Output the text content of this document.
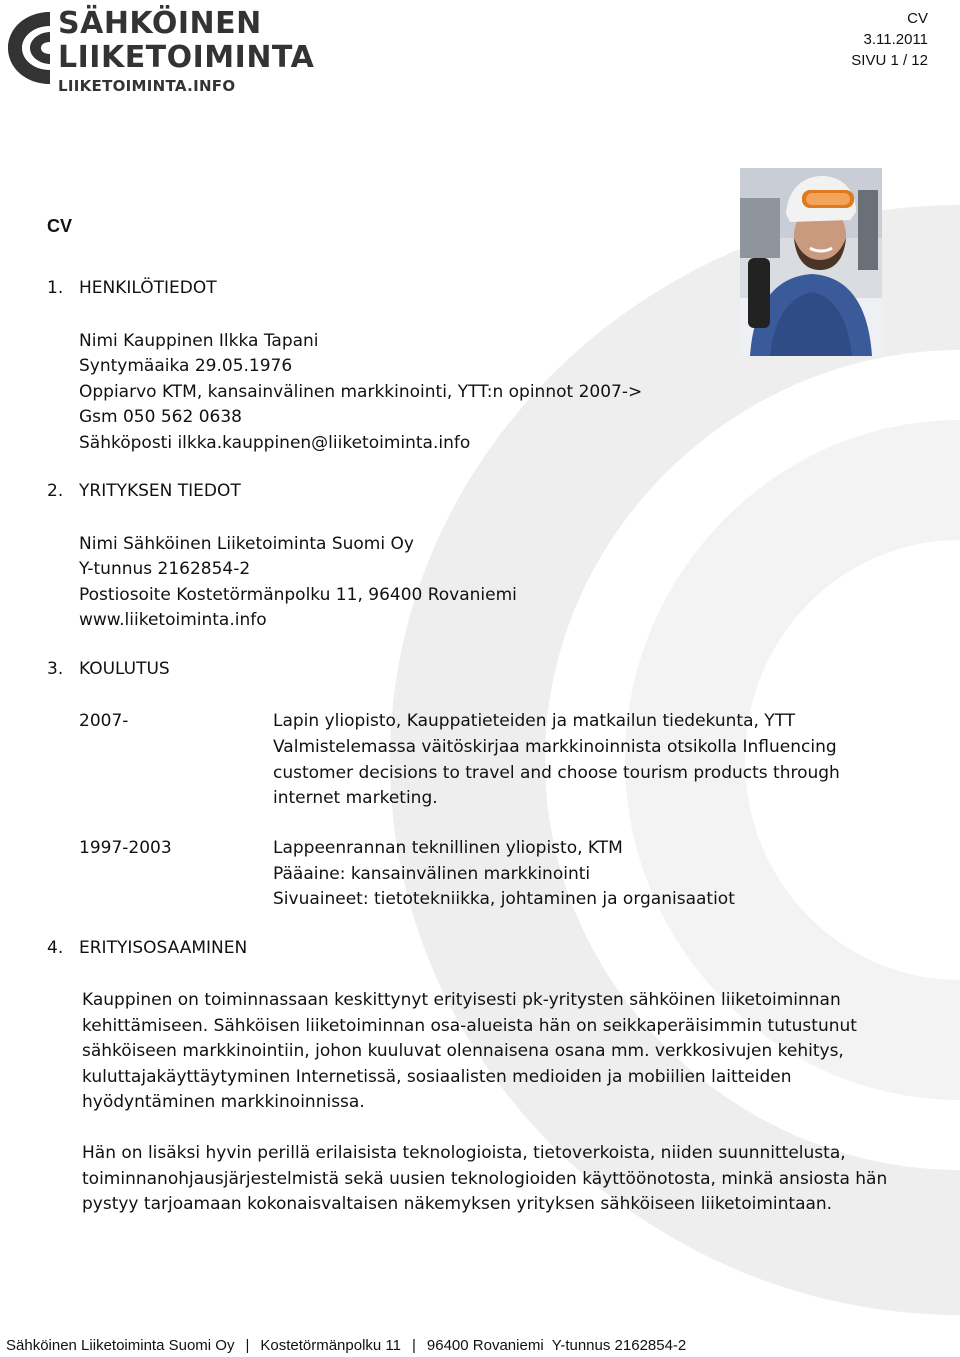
SÄHKÖINEN
LIIKETOIMINTA
LIIKETOIMINTA.INFO
CV
3.11.2011
SIVU 1 / 12
CV
1. HENKILÖTIEDOT
Nimi Kauppinen Ilkka Tapani
Syntymäaika 29.05.1976
Oppiarvo KTM, kansainvälinen markkinointi, YTT:n opinnot 2007->
Gsm 050 562 0638
Sähköposti ilkka.kauppinen@liiketoiminta.info
2. YRITYKSEN TIEDOT
Nimi Sähköinen Liiketoiminta Suomi Oy
Y-tunnus 2162854-2
Postiosoite Kostetörmänpolku 11, 96400 Rovaniemi
www.liiketoiminta.info
3. KOULUTUS
2007-	Lapin yliopisto, Kauppatieteiden ja matkailun tiedekunta, YTT
Valmistelemassa väitöskirjaa markkinoinnista otsikolla Influencing
customer decisions to travel and choose tourism products through
internet marketing.
1997-2003	Lappeenrannan teknillinen yliopisto, KTM
Pääaine: kansainvälinen markkinointi
Sivuaineet: tietotekniikka, johtaminen ja organisaatiot
4. ERITYISOSAAMINEN
Kauppinen on toiminnassaan keskittynyt erityisesti pk-yritysten sähköinen liiketoiminnan kehittämiseen. Sähköisen liiketoiminnan osa-alueista hän on seikkaperäisimmin tutustunut sähköiseen markkinointiin, johon kuuluvat olennaisena osana mm. verkkosivujen kehitys, kuluttajakäyttäytyminen Internetissä, sosiaalisten medioiden ja mobiilien laitteiden hyödyntäminen markkinoinnissa.
Hän on lisäksi hyvin perillä erilaisista teknologioista, tietoverkoista, niiden suunnittelusta, toiminnanohjausjärjestelmistä sekä uusien teknologioiden käyttöönotosta, minkä ansiosta hän pystyy tarjoamaan kokonaisvaltaisen näkemyksen yrityksen sähköiseen liiketoimintaan.
Sähköinen Liiketoiminta Suomi Oy | Kostetörmänpolku 11 | 96400 Rovaniemi  Y-tunnus 2162854-2
